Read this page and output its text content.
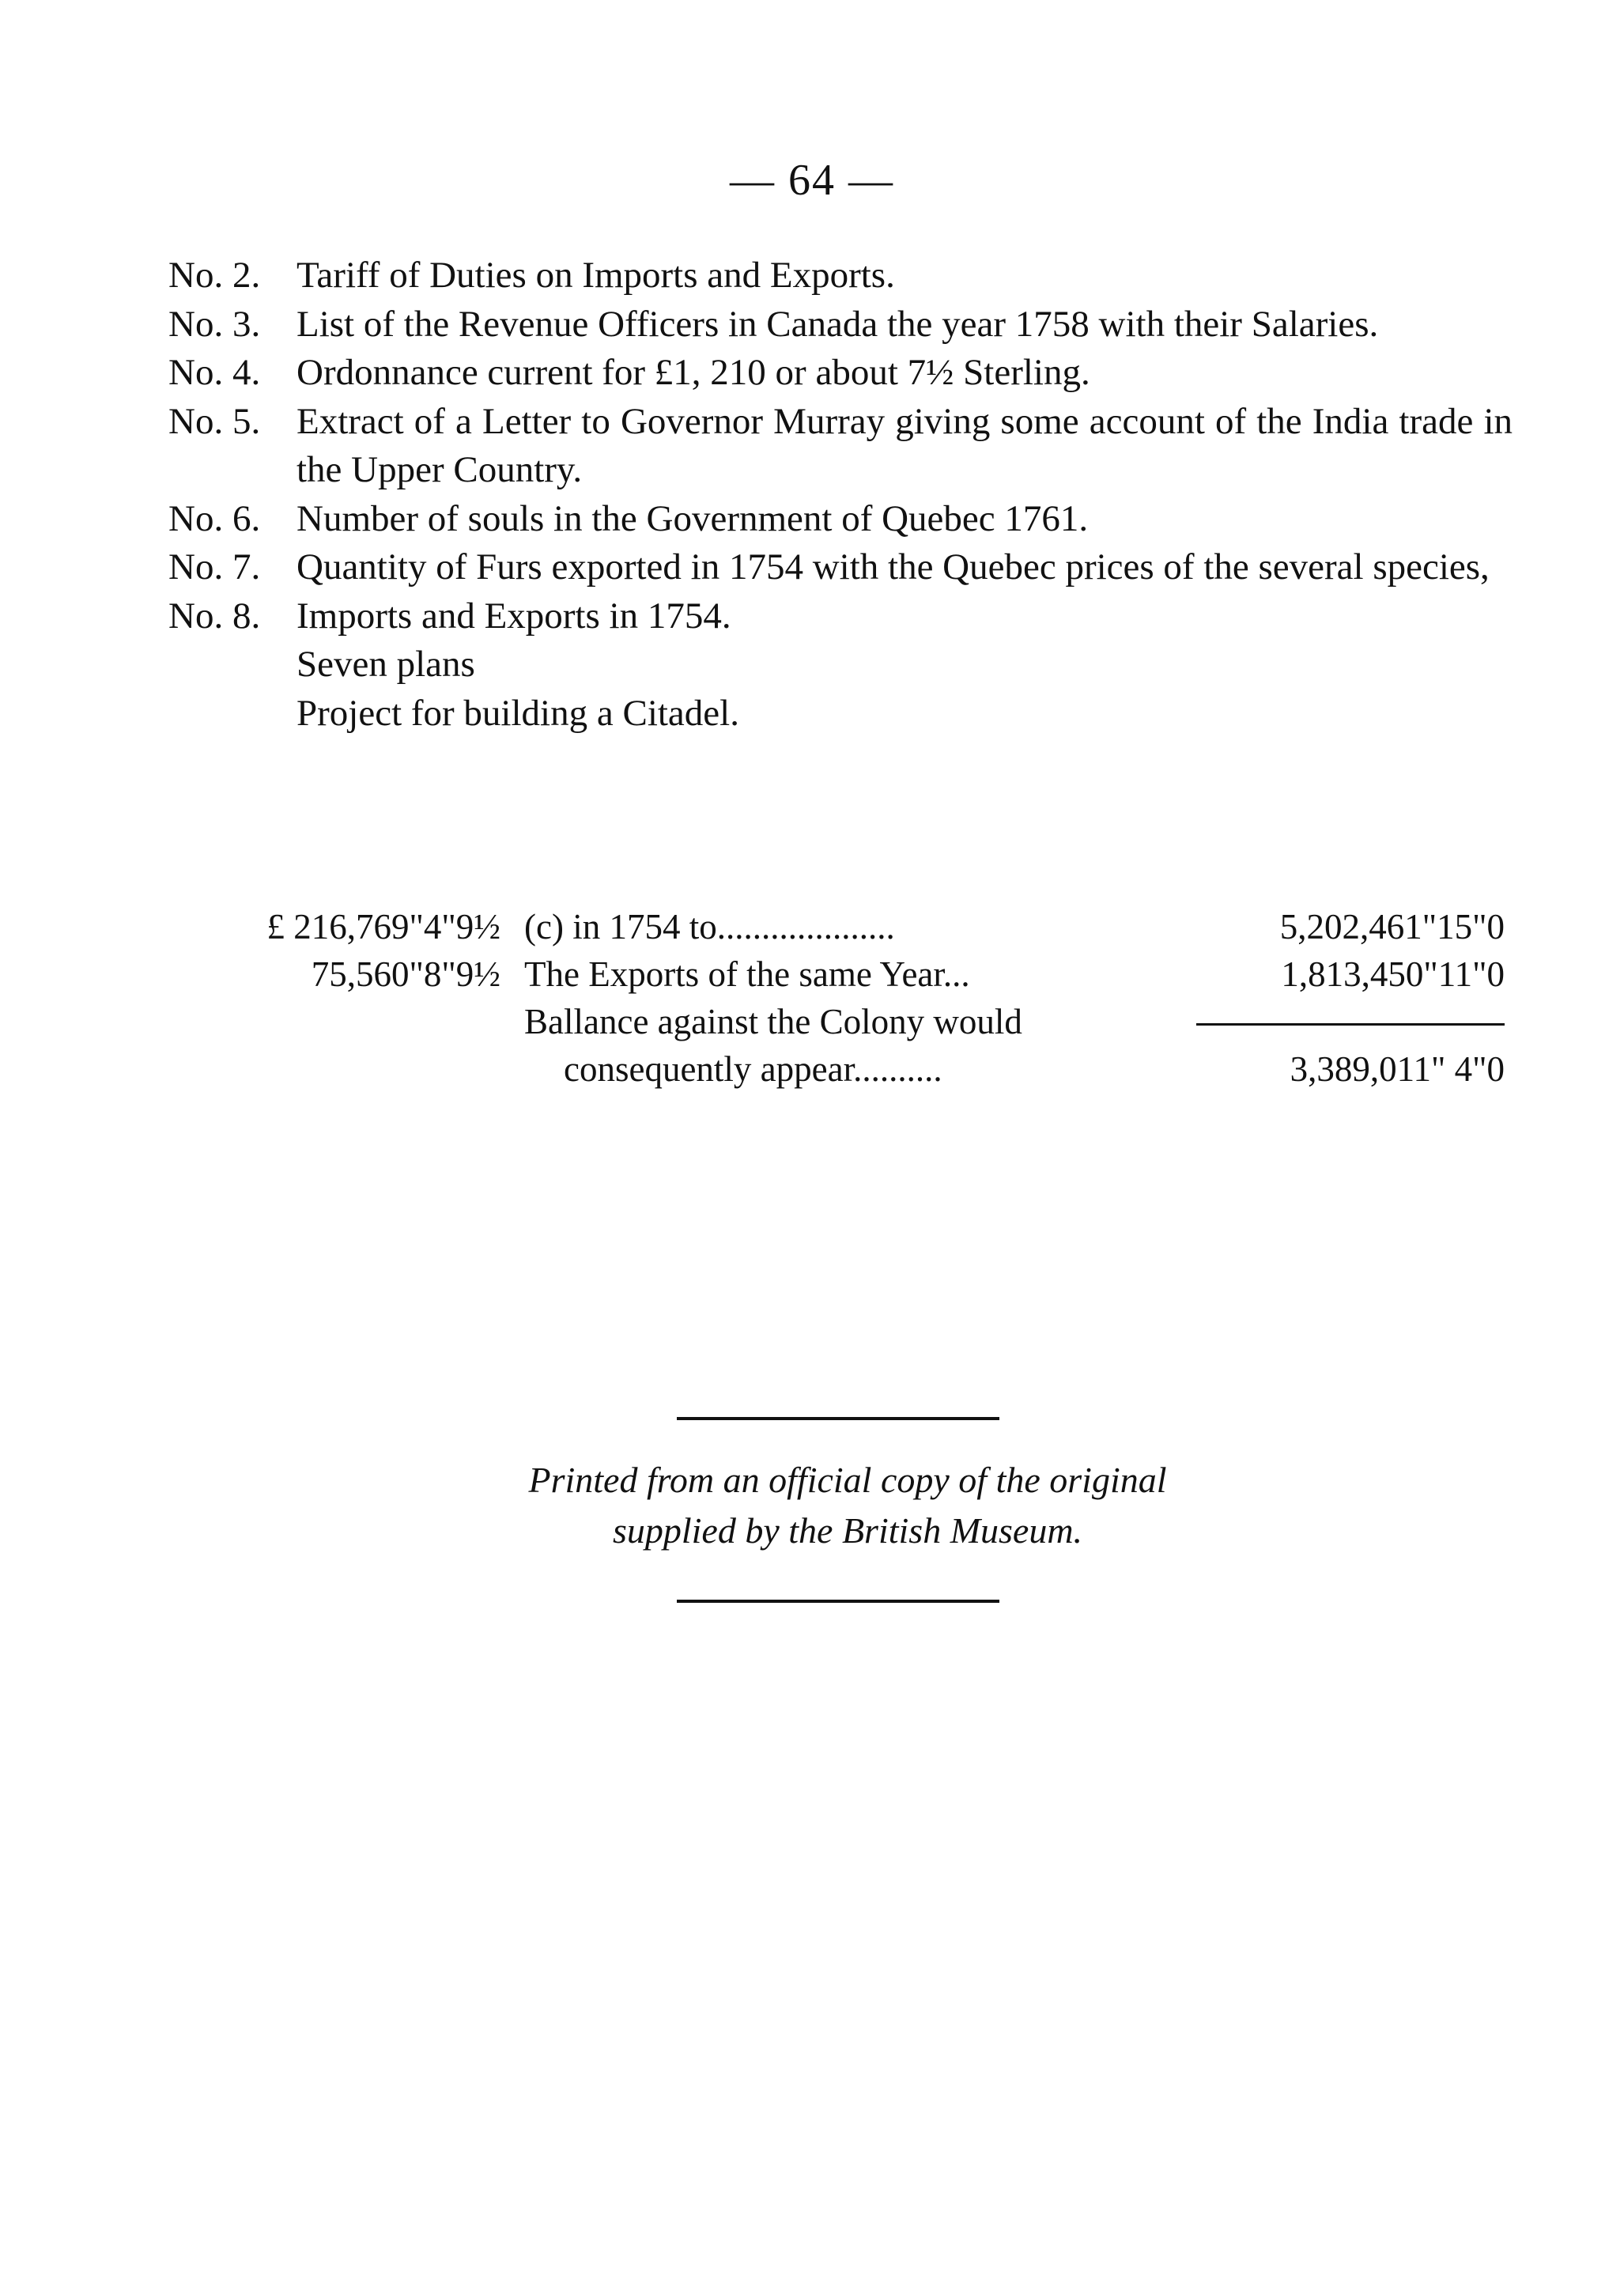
— 64 —
No. 2. Tariff of Duties on Imports and Exports.
No. 3. List of the Revenue Officers in Canada the year 1758 with their Salaries.
No. 4. Ordonnance current for £1, 210 or about 7½ Sterling.
No. 5. Extract of a Letter to Governor Murray giving some account of the India trade in the Upper Country.
No. 6. Number of souls in the Government of Quebec 1761.
No. 7. Quantity of Furs exported in 1754 with the Quebec prices of the several species,
No. 8. Imports and Exports in 1754.
Seven plans
Project for building a Citadel.
£ 216,769"4"9½ (c) in 1754 to....................	5,202,461"15"0
75,560"8"9½ The Exports of the same Year...	1,813,450"11"0
Ballance against the Colony would
consequently appear..........	3,389,011" 4"0
Printed from an official copy of the original
supplied by the British Museum.
